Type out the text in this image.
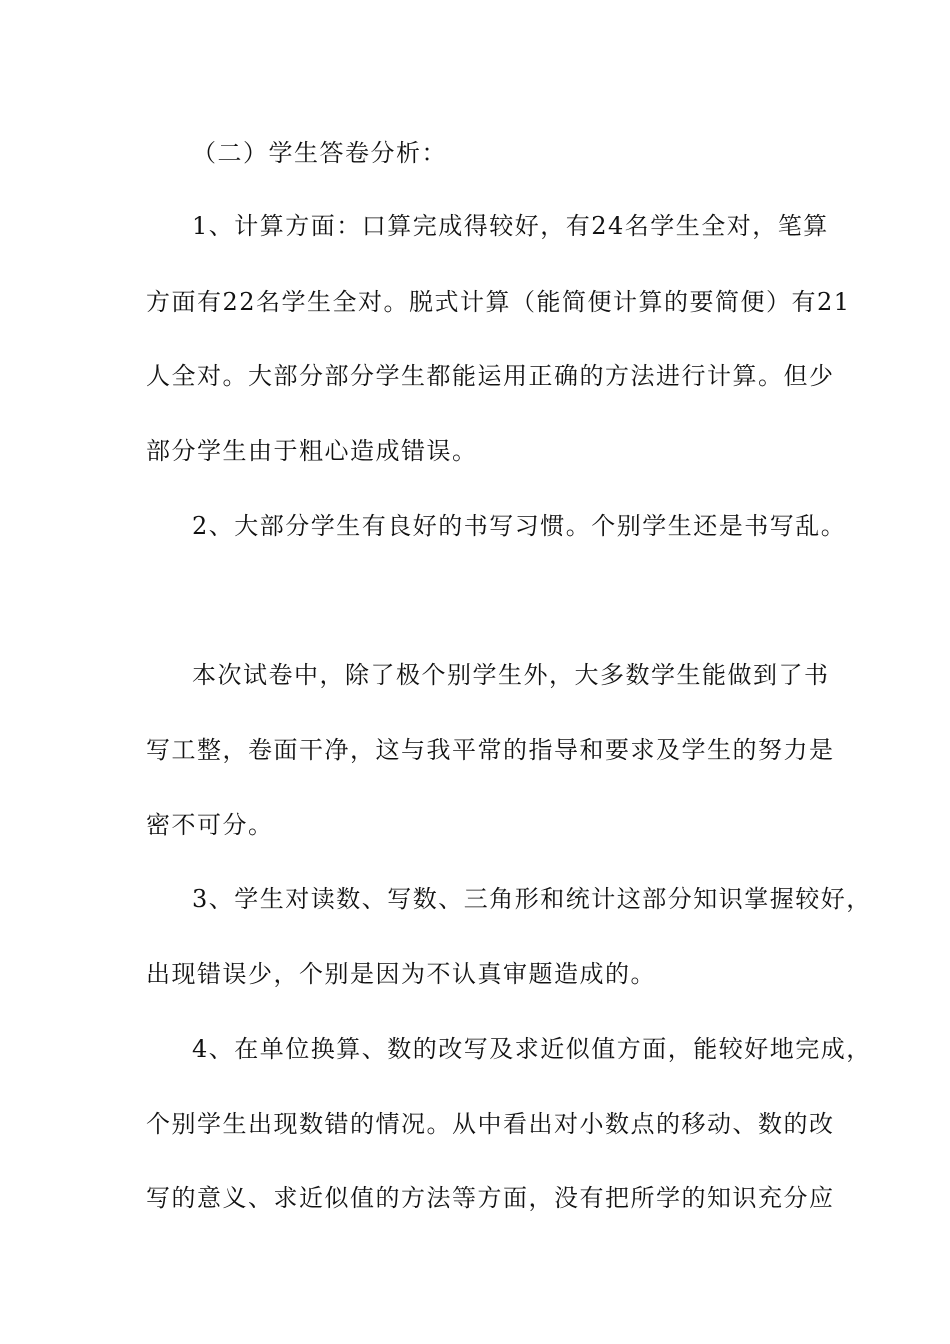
（二）学生答卷分析：
1、计算方面：口算完成得较好，有24名学生全对，笔算
方面有22名学生全对。脱式计算（能简便计算的要简便）有21
人全对。大部分部分学生都能运用正确的方法进行计算。但少
部分学生由于粗心造成错误。
2、大部分学生有良好的书写习惯。个别学生还是书写乱。
本次试卷中，除了极个别学生外，大多数学生能做到了书
写工整，卷面干净，这与我平常的指导和要求及学生的努力是
密不可分。
3、学生对读数、写数、三角形和统计这部分知识掌握较好，
出现错误少，个别是因为不认真审题造成的。
4、在单位换算、数的改写及求近似值方面，能较好地完成，
个别学生出现数错的情况。从中看出对小数点的移动、数的改
写的意义、求近似值的方法等方面，没有把所学的知识充分应
